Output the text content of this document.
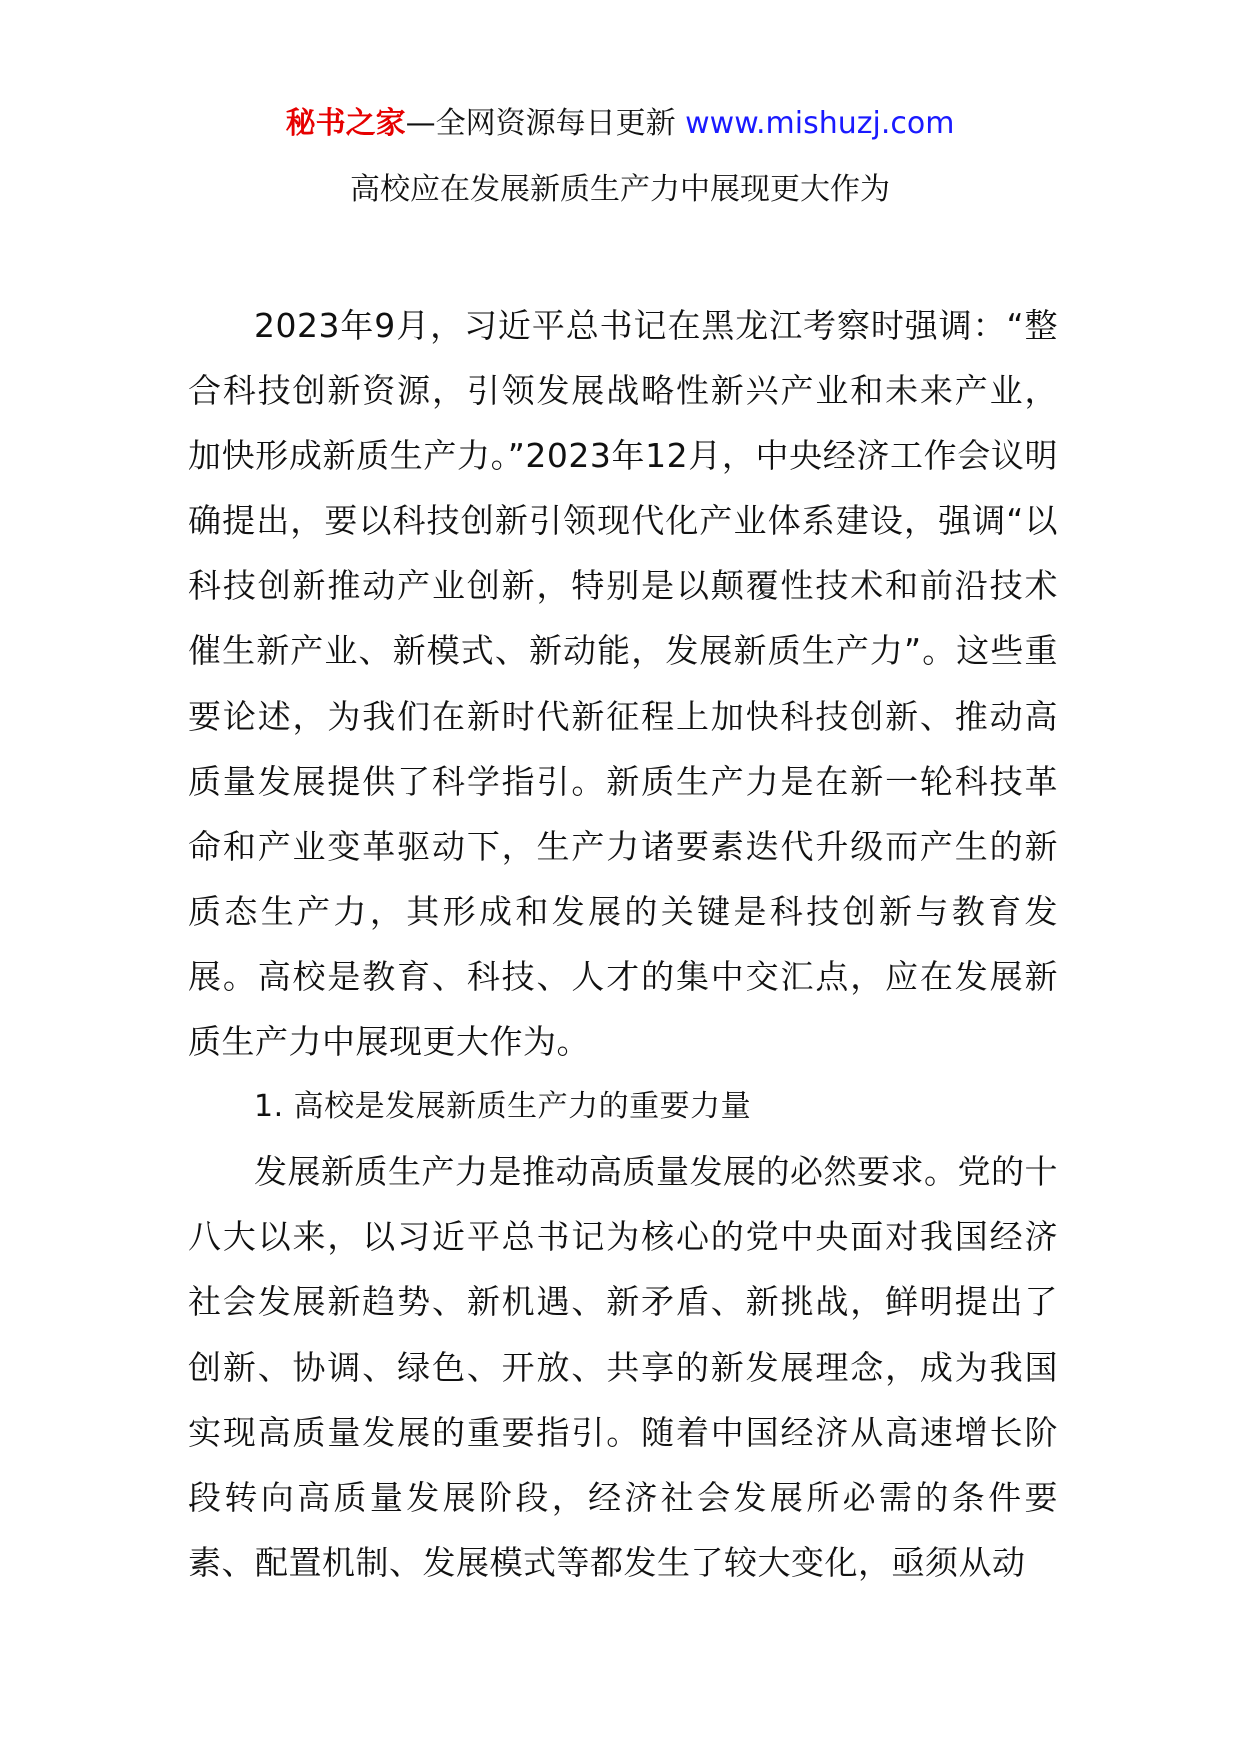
秘书之家—全网资源每日更新 www.mishuzj.com
高校应在发展新质生产力中展现更大作为

2023年9月，习近平总书记在黑龙江考察时强调：“整合科技创新资源，引领发展战略性新兴产业和未来产业，加快形成新质生产力。”2023年12月，中央经济工作会议明确提出，要以科技创新引领现代化产业体系建设，强调“以科技创新推动产业创新，特别是以颠覆性技术和前沿技术催生新产业、新模式、新动能，发展新质生产力”。这些重要论述，为我们在新时代新征程上加快科技创新、推动高质量发展提供了科学指引。新质生产力是在新一轮科技革命和产业变革驱动下，生产力诸要素迭代升级而产生的新质态生产力，其形成和发展的关键是科技创新与教育发展。高校是教育、科技、人才的集中交汇点，应在发展新质生产力中展现更大作为。

1. 高校是发展新质生产力的重要力量

发展新质生产力是推动高质量发展的必然要求。党的十八大以来，以习近平总书记为核心的党中央面对我国经济社会发展新趋势、新机遇、新矛盾、新挑战，鲜明提出了创新、协调、绿色、开放、共享的新发展理念，成为我国实现高质量发展的重要指引。随着中国经济从高速增长阶段转向高质量发展阶段，经济社会发展所必需的条件要素、配置机制、发展模式等都发生了较大变化，亟须从动
